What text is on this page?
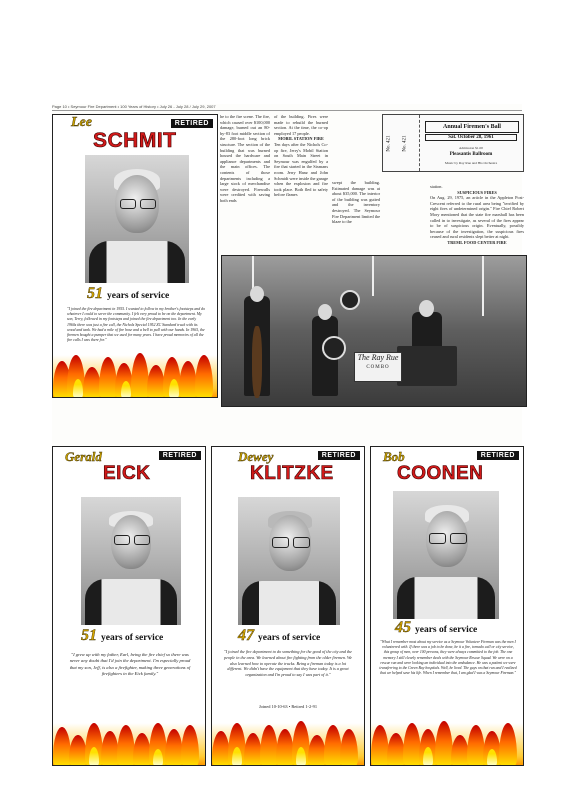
Page 10 • Seymour Fire Department • 100 Years of History • July 26 - July 28 / July 29, 2007
RETIRED
Lee
SCHMIT
51 years of service
"I joined the fire department in 1955. I wanted to follow in my brother's footsteps and do whatever I could to serve the community. I felt very proud to be on the department. My son, Terry, followed in my footsteps and joined the fire department too. In the early 1960s there was just a fire call, the Nichols Special 1952 ZC Standard truck with its wood and tank. We had a mile of fire hose and a bell to pull with our hands. In 1965, the firemen bought a pumper that we used for many years. I have proud memories of all the fire calls I was there for."
he to the fire scene. The fire, which caused over $100,000 damage, burned out an 80-by-83 foot middle section of the 280-foot long brick structure. The section of the building that was burned housed the hardware and appliance departments and the main offices. The contents of those departments including a large stock of merchandise were destroyed. Firewalls were credited with saving both ends
of the building. Fires were made to rebuild the burned section. At the time, the co-op employed 17 people.
MOBIL STATION FIRE
Ten days after the Nichols Co-op fire, Jerry's Mobil Station on South Main Street in Seymour was engulfed by a fire that started in the Sixmans room. Jerry Hanz and John Schmidt were inside the garage when the explosion and fire took place. Both fled to safety before flames
swept the building. Estimated damage was at about $35,000. The interior of the building was gutted and the inventory destroyed. The Seymour Fire Department limited the blaze to the
station.
SUSPICIOUS FIRES
On Aug. 29, 1975, an article in the Appleton Post-Crescent referred to the rural area being "terrified by eight fires of undetermined origin." Fire Chief Robert Mory mentioned that the state fire marshall has been called in to investigate, as several of the fires appear to be of suspicious origin. Eventually, possibly because of the investigation, the suspicious fires ceased and rural residents slept better at night.
TREML FOOD CENTER FIRE
No. 421 No. 421
Annual Firemen's Ball
Sat. October 28, 1961
Admission $1.00
Pleasantis Ballroom
Music by Ray Rue and His Orchestra
The Ray Rue
COMBO
RETIRED
Gerald
EICK
51 years of service
"I grew up with my father, Earl, being the fire chief so there was never any doubt that I'd join the department. I'm especially proud that my son, Jeff, is also a firefighter, making three generations of firefighters in the Eick family."
RETIRED
Dewey
KLITZKE
47 years of service
"I joined the fire department to do something for the good of the city and the people in the area. We learned about fire fighting from the older firemen. We also learned how to operate the trucks. Being a fireman today is a lot different. We didn't have the equipment that they have today. It is a great organization and I'm proud to say I was part of it."
Joined 10-10-63 • Retired 1-2-91
RETIRED
Bob
COONEN
45 years of service
"What I remember most about my service as a Seymour Volunteer Fireman was the men I volunteered with. If there was a job to be done, be it a fire, tornado call or city service, this group of men, over 100 persons, they were always committed to the job. The one memory I still clearly remember deals with the Seymour Rescue Squad. We were on a rescue run and were looking an individual into the ambulance. He was a patient we were transferring to the Green Bay hospitals. Well, he lived. The guys on that run and I realized that we helped save his life. When I remember that, I am glad I was a Seymour Fireman."
